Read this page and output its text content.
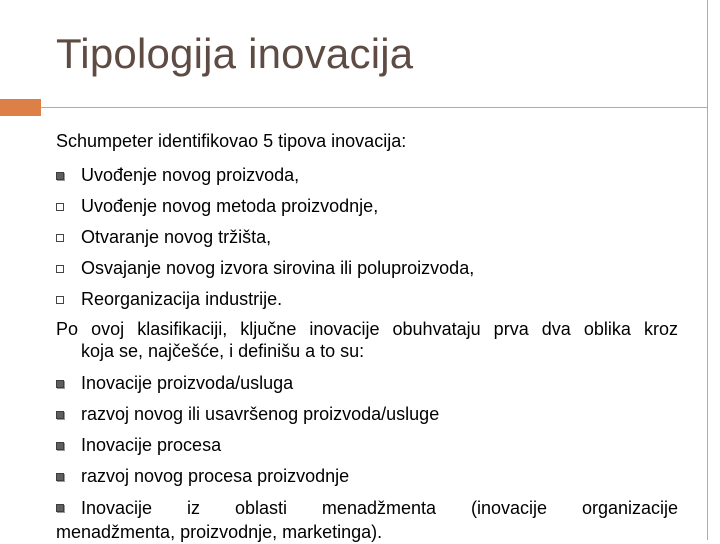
Tipologija inovacija
Schumpeter identifikovao 5 tipova inovacija:
Uvođenje novog proizvoda,
Uvođenje novog metoda proizvodnje,
Otvaranje novog tržišta,
Osvajanje novog izvora sirovina ili poluproizvoda,
Reorganizacija industrije.
Po ovoj klasifikaciji, ključne inovacije obuhvataju prva dva oblika kroz
koja se, najčešće, i definišu a to su:
Inovacije proizvoda/usluga
razvoj novog ili usavršenog proizvoda/usluge
Inovacije procesa
razvoj novog procesa proizvodnje
Inovacije iz oblasti menadžmenta (inovacije organizacije
menadžmenta, proizvodnje, marketinga).
